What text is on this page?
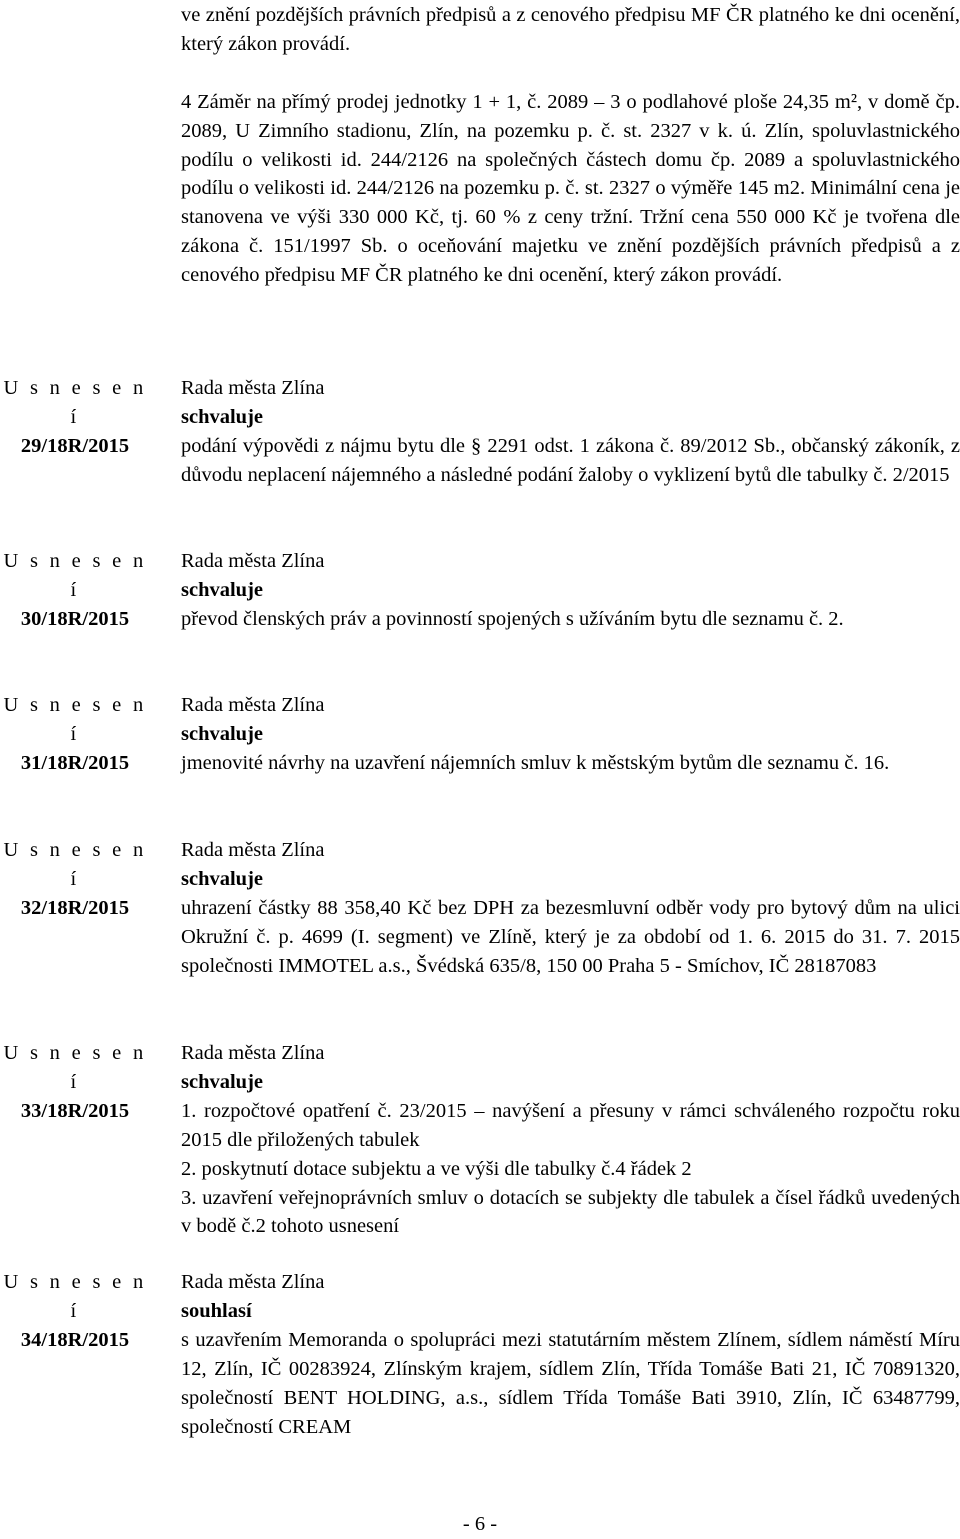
ve znění pozdějších právních předpisů a z cenového předpisu MF ČR platného ke dni ocenění, který zákon provádí.

4 Záměr na přímý prodej jednotky 1 + 1, č. 2089 – 3 o podlahové ploše 24,35 m², v domě čp. 2089, U Zimního stadionu, Zlín, na pozemku p. č. st. 2327 v k. ú. Zlín, spoluvlastnického podílu o velikosti id. 244/2126 na společných částech domu čp. 2089 a spoluvlastnického podílu o velikosti id. 244/2126 na pozemku p. č. st. 2327 o výměře 145 m2. Minimální cena je stanovena ve výši 330 000 Kč, tj. 60 % z ceny tržní. Tržní cena 550 000 Kč je tvořena dle zákona č. 151/1997 Sb. o oceňování majetku ve znění pozdějších právních předpisů a z cenového předpisu MF ČR platného ke dni ocenění, který zákon provádí.

U s n e s e n í
29/18R/2015
Rada města Zlína
schvaluje

podání výpovědi z nájmu bytu dle § 2291 odst. 1 zákona č. 89/2012 Sb., občanský zákoník, z důvodu neplacení nájemného a následné podání žaloby o vyklizení bytů dle tabulky č. 2/2015

U s n e s e n í
30/18R/2015
Rada města Zlína
schvaluje

převod členských práv a povinností spojených s užíváním bytu dle seznamu č. 2.

U s n e s e n í
31/18R/2015
Rada města Zlína
schvaluje

jmenovité návrhy na uzavření nájemních smluv k městským bytům dle seznamu č. 16.

U s n e s e n í
32/18R/2015
Rada města Zlína
schvaluje

uhrazení částky 88 358,40 Kč bez DPH za bezesmluvní odběr vody pro bytový dům na ulici Okružní č. p. 4699 (I. segment) ve Zlíně, který je za období od 1. 6. 2015 do 31. 7. 2015 společnosti IMMOTEL a.s., Švédská 635/8, 150 00 Praha 5 - Smíchov, IČ 28187083

U s n e s e n í
33/18R/2015
Rada města Zlína
schvaluje

1. rozpočtové opatření č. 23/2015 – navýšení a přesuny v rámci schváleného rozpočtu roku 2015 dle přiložených tabulek

2. poskytnutí dotace subjektu a ve výši dle tabulky č.4 řádek 2

3. uzavření veřejnoprávních smluv o dotacích se subjekty dle tabulek a čísel řádků uvedených v bodě č.2 tohoto usnesení

U s n e s e n í
34/18R/2015
Rada města Zlína
souhlasí

s uzavřením Memoranda o spolupráci mezi statutárním městem Zlínem, sídlem náměstí Míru 12, Zlín, IČ 00283924, Zlínským krajem, sídlem Zlín, Třída Tomáše Bati 21, IČ 70891320, společností BENT HOLDING, a.s., sídlem Třída Tomáše Bati 3910, Zlín, IČ 63487799, společností CREAM

- 6 -
